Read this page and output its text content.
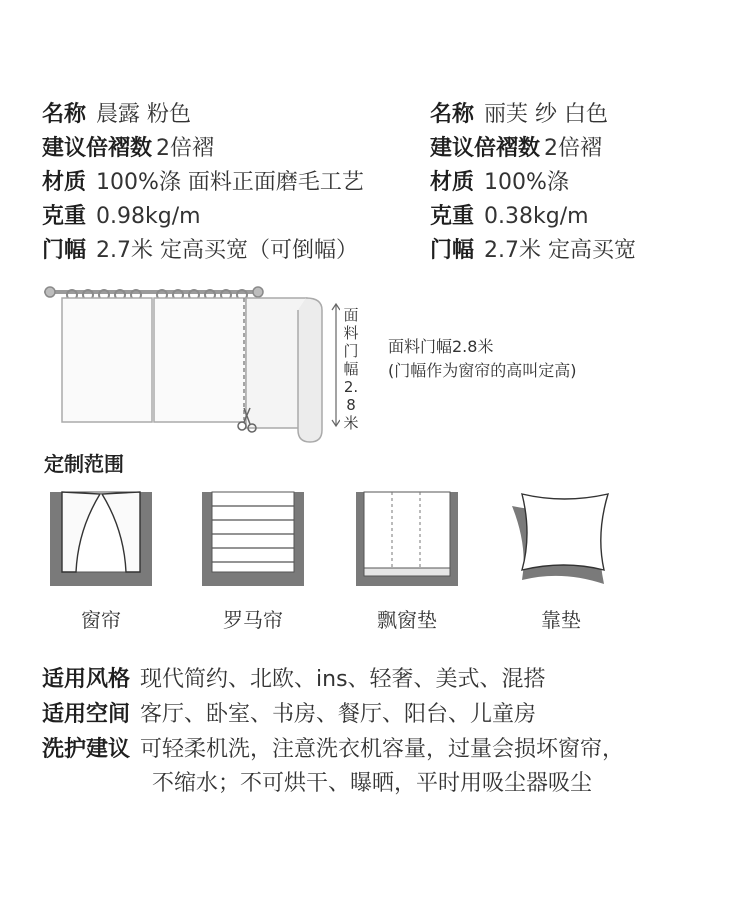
名称 晨露 粉色
建议倍褶数 2倍褶
材质 100%涤 面料正面磨毛工艺
克重 0.98kg/m
门幅 2.7米 定高买宽（可倒幅）
名称 丽芙 纱 白色
建议倍褶数 2倍褶
材质 100%涤
克重 0.38kg/m
门幅 2.7米 定高买宽
面料门幅2.8米
面料门幅2.8米
(门幅作为窗帘的高叫定高)
定制范围
窗帘	罗马帘	飘窗垫	靠垫
适用风格 现代简约、北欧、ins、轻奢、美式、混搭
适用空间 客厅、卧室、书房、餐厅、阳台、儿童房
洗护建议 可轻柔机洗，注意洗衣机容量，过量会损坏窗帘，
不缩水；不可烘干、曝晒，平时用吸尘器吸尘
